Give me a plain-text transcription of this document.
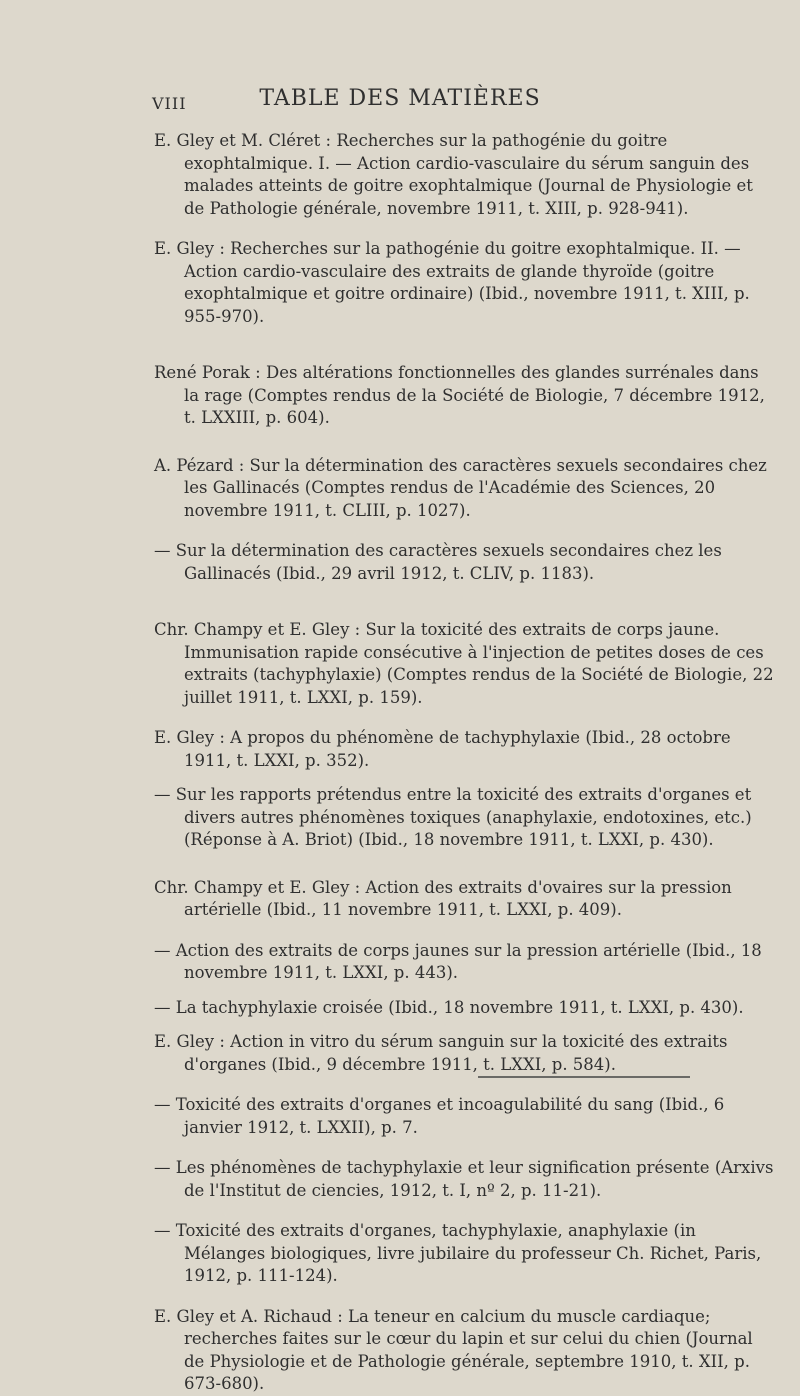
VIII	TABLE DES MATIÈRES

E. Gley et M. Cléret : Recherches sur la pathogénie du goitre exophtalmique. I. — Action cardio-vasculaire du sérum sanguin des malades atteints de goitre exophtalmique (Journal de Physiologie et de Pathologie générale, novembre 1911, t. XIII, p. 928-941).

E. Gley : Recherches sur la pathogénie du goitre exophtalmique. II. — Action cardio-vasculaire des extraits de glande thyroïde (goitre exophtalmique et goitre ordinaire) (Ibid., novembre 1911, t. XIII, p. 955-970).

René Porak : Des altérations fonctionnelles des glandes surrénales dans la rage (Comptes rendus de la Société de Biologie, 7 décembre 1912, t. LXXIII, p. 604).

A. Pézard : Sur la détermination des caractères sexuels secondaires chez les Gallinacés (Comptes rendus de l'Académie des Sciences, 20 novembre 1911, t. CLIII, p. 1027).

— Sur la détermination des caractères sexuels secondaires chez les Gallinacés (Ibid., 29 avril 1912, t. CLIV, p. 1183).

Chr. Champy et E. Gley : Sur la toxicité des extraits de corps jaune. Immunisation rapide consécutive à l'injection de petites doses de ces extraits (tachyphylaxie) (Comptes rendus de la Société de Biologie, 22 juillet 1911, t. LXXI, p. 159).

E. Gley : A propos du phénomène de tachyphylaxie (Ibid., 28 octobre 1911, t. LXXI, p. 352).

— Sur les rapports prétendus entre la toxicité des extraits d'organes et divers autres phénomènes toxiques (anaphylaxie, endotoxines, etc.) (Réponse à A. Briot) (Ibid., 18 novembre 1911, t. LXXI, p. 430).

Chr. Champy et E. Gley : Action des extraits d'ovaires sur la pression artérielle (Ibid., 11 novembre 1911, t. LXXI, p. 409).

— Action des extraits de corps jaunes sur la pression artérielle (Ibid., 18 novembre 1911, t. LXXI, p. 443).

— La tachyphylaxie croisée (Ibid., 18 novembre 1911, t. LXXI, p. 430).

E. Gley : Action in vitro du sérum sanguin sur la toxicité des extraits d'organes (Ibid., 9 décembre 1911, t. LXXI, p. 584).

— Toxicité des extraits d'organes et incoagulabilité du sang (Ibid., 6 janvier 1912, t. LXXII), p. 7.

— Les phénomènes de tachyphylaxie et leur signification présente (Arxivs de l'Institut de ciencies, 1912, t. I, nº 2, p. 11-21).

— Toxicité des extraits d'organes, tachyphylaxie, anaphylaxie (in Mélanges biologiques, livre jubilaire du professeur Ch. Richet, Paris, 1912, p. 111-124).

E. Gley et A. Richaud : La teneur en calcium du muscle cardiaque; recherches faites sur le cœur du lapin et sur celui du chien (Journal de Physiologie et de Pathologie générale, septembre 1910, t. XII, p. 673-680).
